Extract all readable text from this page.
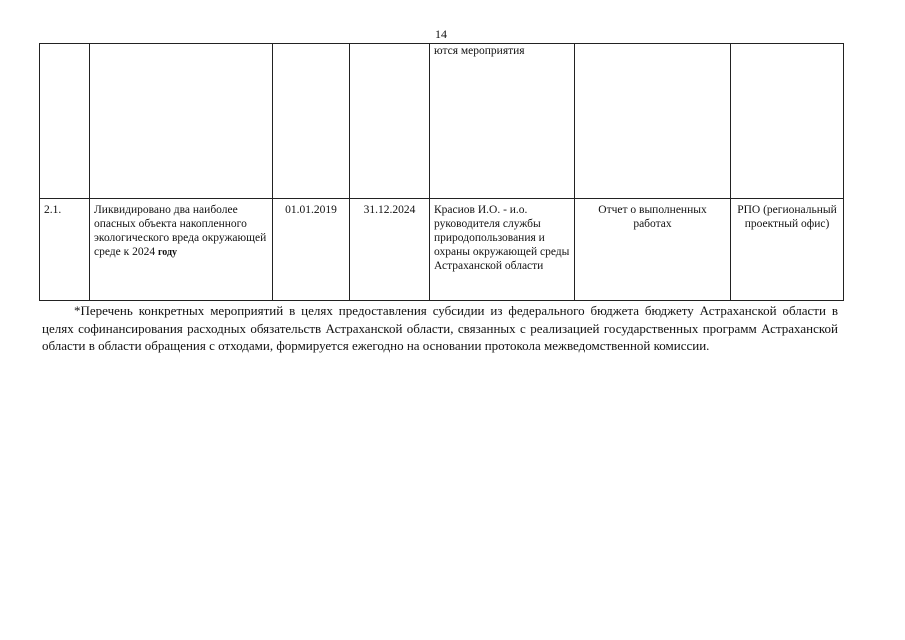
14
				ются мероприятия		
2.1.	Ликвидировано два наиболее опасных объекта накопленного экологического вреда окружающей среде к 2024 году	01.01.2019	31.12.2024	Красиов И.О. - и.о. руководителя службы природопользования и охраны окружающей среды Астраханской области	Отчет о выполненных работах	РПО (региональный проектный офис)

*Перечень конкретных мероприятий в целях предоставления субсидии из федерального бюджета бюджету Астраханской области в целях софинансирования расходных обязательств Астраханской области, связанных с реализацией государственных программ Астраханской области в области обращения с отходами, формируется ежегодно на основании протокола межведомственной комиссии.
